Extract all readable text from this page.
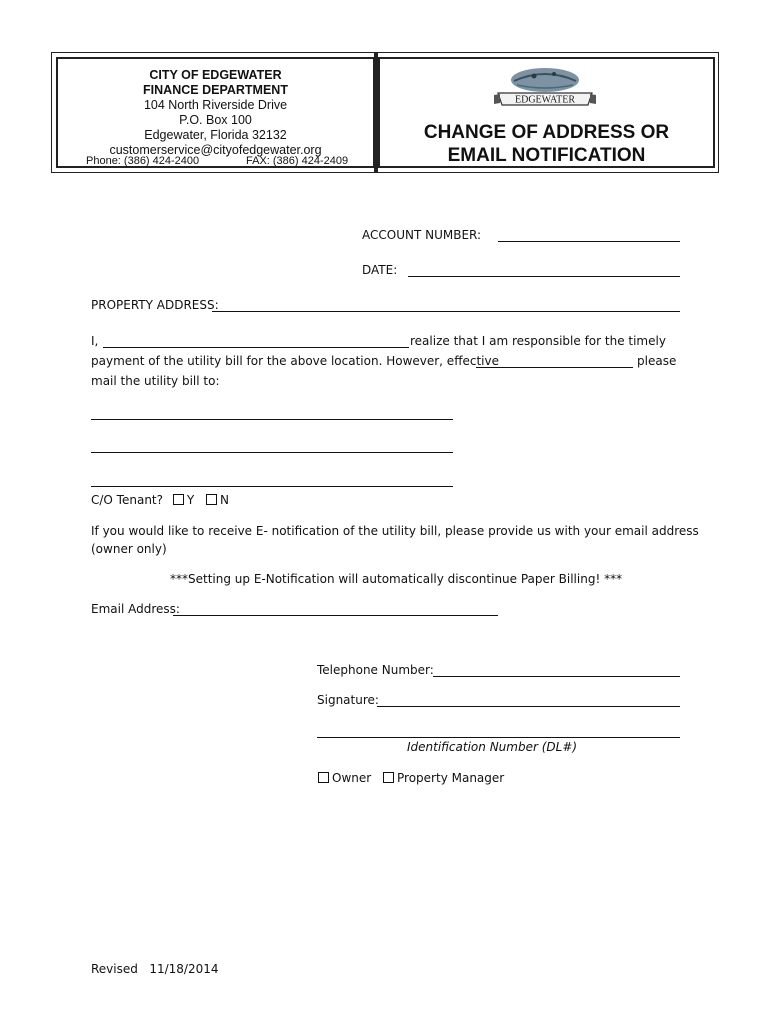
CITY OF EDGEWATER
FINANCE DEPARTMENT
104 North Riverside Drive
P.O. Box 100
Edgewater, Florida 32132
customerservice@cityofedgewater.org
Phone: (386) 424-2400	FAX: (386) 424-2409
EDGEWATER
CHANGE OF ADDRESS OR
EMAIL NOTIFICATION
ACCOUNT NUMBER:
DATE:
PROPERTY ADDRESS:
I,	realize that I am responsible for the timely
payment of the utility bill for the above location. However, effective	please
mail the utility bill to:
C/O Tenant? Y N
If you would like to receive E- notification of the utility bill, please provide us with your email address
(owner only)
***Setting up E-Notification will automatically discontinue Paper Billing! ***
Email Address:
Telephone Number:
Signature:
Identification Number (DL#)
Owner Property Manager
Revised   11/18/2014
